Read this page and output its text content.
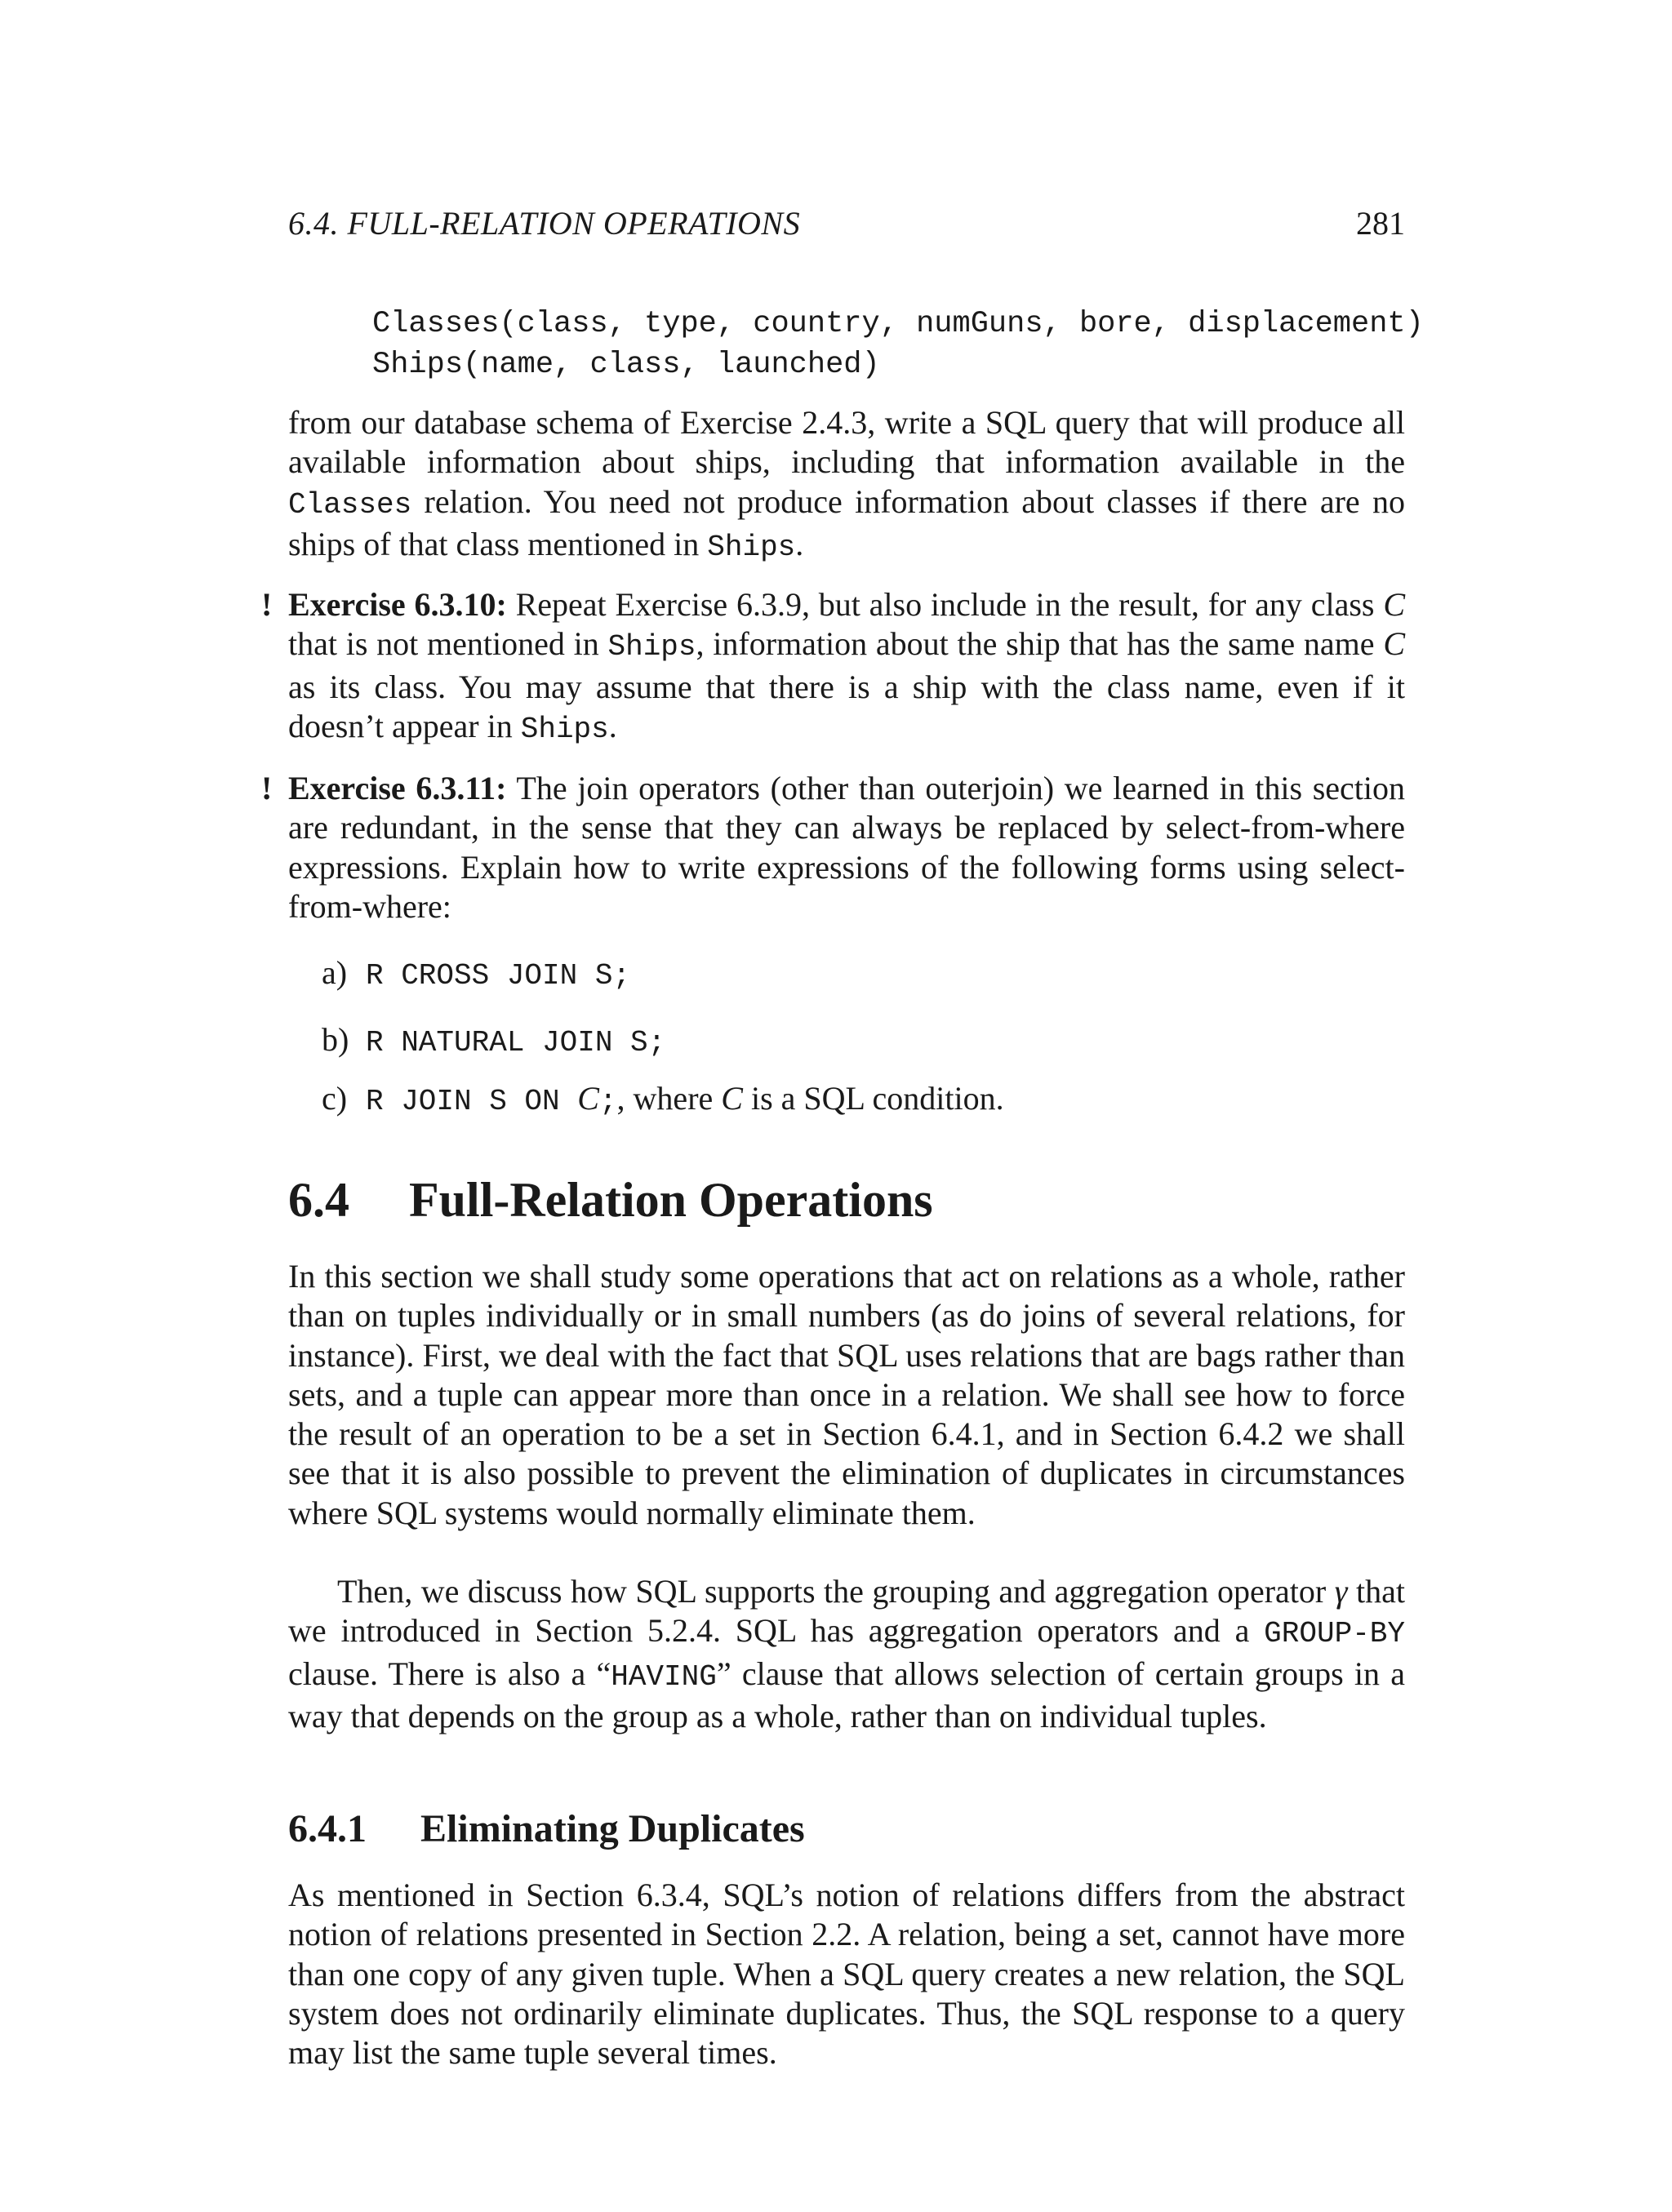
6.4. FULL-RELATION OPERATIONS	281
Classes(class, type, country, numGuns, bore, displacement)
Ships(name, class, launched)
from our database schema of Exercise 2.4.3, write a SQL query that will produce all available information about ships, including that information available in the Classes relation. You need not produce information about classes if there are no ships of that class mentioned in Ships.
! Exercise 6.3.10: Repeat Exercise 6.3.9, but also include in the result, for any class C that is not mentioned in Ships, information about the ship that has the same name C as its class. You may assume that there is a ship with the class name, even if it doesn’t appear in Ships.
! Exercise 6.3.11: The join operators (other than outerjoin) we learned in this section are redundant, in the sense that they can always be replaced by select-from-where expressions. Explain how to write expressions of the following forms using select-from-where:
a) R CROSS JOIN S;
b) R NATURAL JOIN S;
c) R JOIN S ON C;, where C is a SQL condition.
6.4 Full-Relation Operations
In this section we shall study some operations that act on relations as a whole, rather than on tuples individually or in small numbers (as do joins of several relations, for instance). First, we deal with the fact that SQL uses relations that are bags rather than sets, and a tuple can appear more than once in a relation. We shall see how to force the result of an operation to be a set in Section 6.4.1, and in Section 6.4.2 we shall see that it is also possible to prevent the elimination of duplicates in circumstances where SQL systems would normally eliminate them.
Then, we discuss how SQL supports the grouping and aggregation operator γ that we introduced in Section 5.2.4. SQL has aggregation operators and a GROUP-BY clause. There is also a “HAVING” clause that allows selection of certain groups in a way that depends on the group as a whole, rather than on individual tuples.
6.4.1 Eliminating Duplicates
As mentioned in Section 6.3.4, SQL’s notion of relations differs from the abstract notion of relations presented in Section 2.2. A relation, being a set, cannot have more than one copy of any given tuple. When a SQL query creates a new relation, the SQL system does not ordinarily eliminate duplicates. Thus, the SQL response to a query may list the same tuple several times.
